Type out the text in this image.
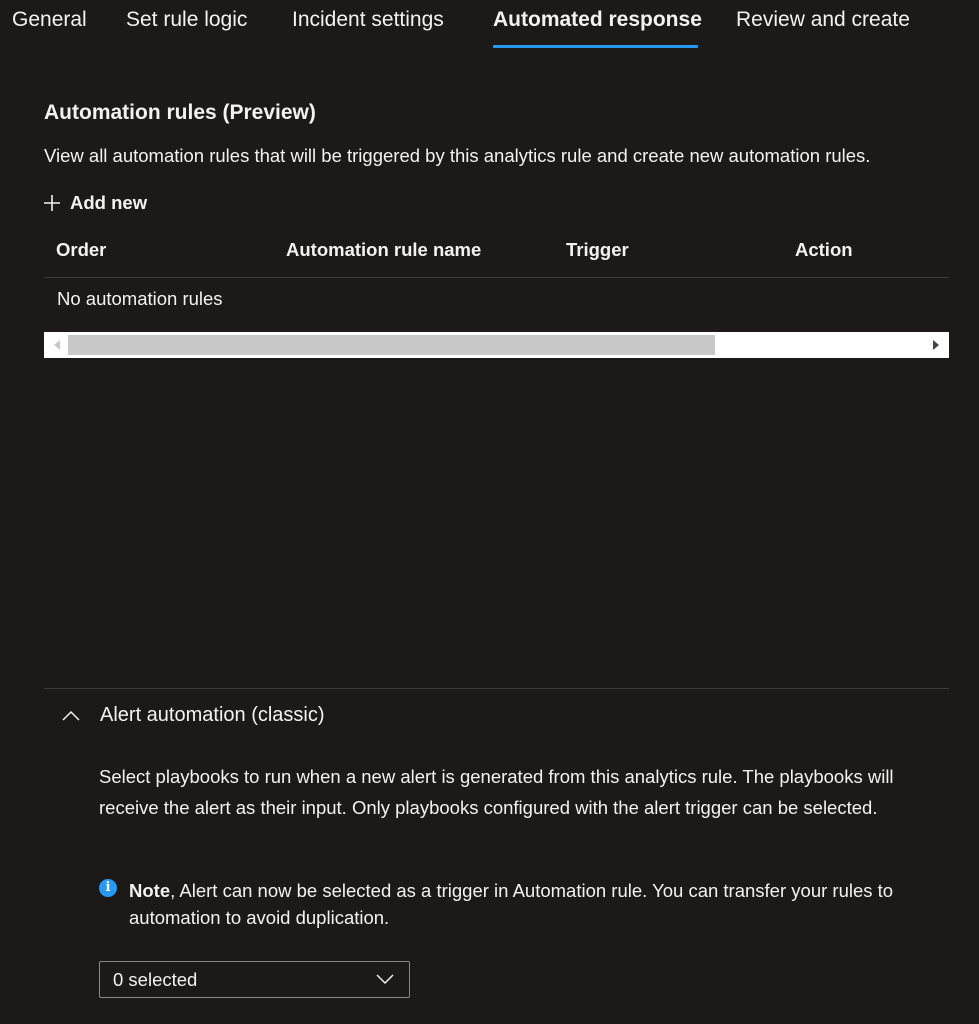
General Set rule logic Incident settings Automated response Review and create
Automation rules (Preview)
View all automation rules that will be triggered by this analytics rule and create new automation rules.
Add new
Order	Automation rule name	Trigger	Action
No automation rules
Alert automation (classic)
Select playbooks to run when a new alert is generated from this analytics rule. The playbooks will receive the alert as their input. Only playbooks configured with the alert trigger can be selected.
i	Note, Alert can now be selected as a trigger in Automation rule. You can transfer your rules to automation to avoid duplication.
0 selected
